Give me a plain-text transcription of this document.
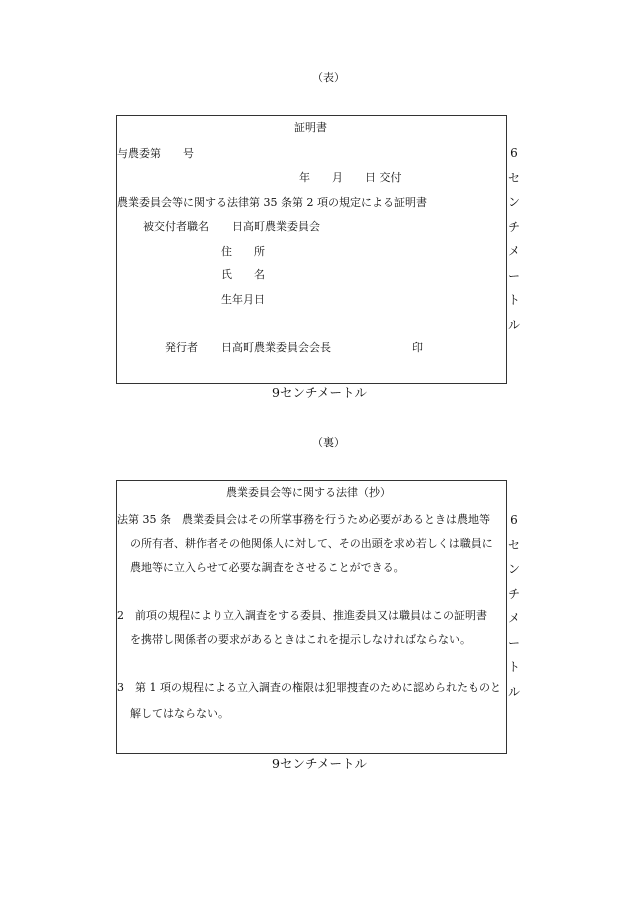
（表）
証明書
与農委第　　号
年　　月　　日 交付
農業委員会等に関する法律第 35 条第 2 項の規定による証明書
被交付者職名 日高町農業委員会
住　　所
氏　　名
生年月日
発行者 日高町農業委員会会長	印
6
セ
ン
チ
メ
ー
ト
ル
9センチメートル
（裏）
農業委員会等に関する法律（抄）
法第 35 条　農業委員会はその所掌事務を行うため必要があるときは農地等
の所有者、耕作者その他関係人に対して、その出頭を求め若しくは職員に
農地等に立入らせて必要な調査をさせることができる。
2　前項の規程により立入調査をする委員、推進委員又は職員はこの証明書
を携帯し関係者の要求があるときはこれを提示しなければならない。
3　第 1 項の規程による立入調査の権限は犯罪捜査のために認められたものと
解してはならない。
6
セ
ン
チ
メ
ー
ト
ル
9センチメートル
